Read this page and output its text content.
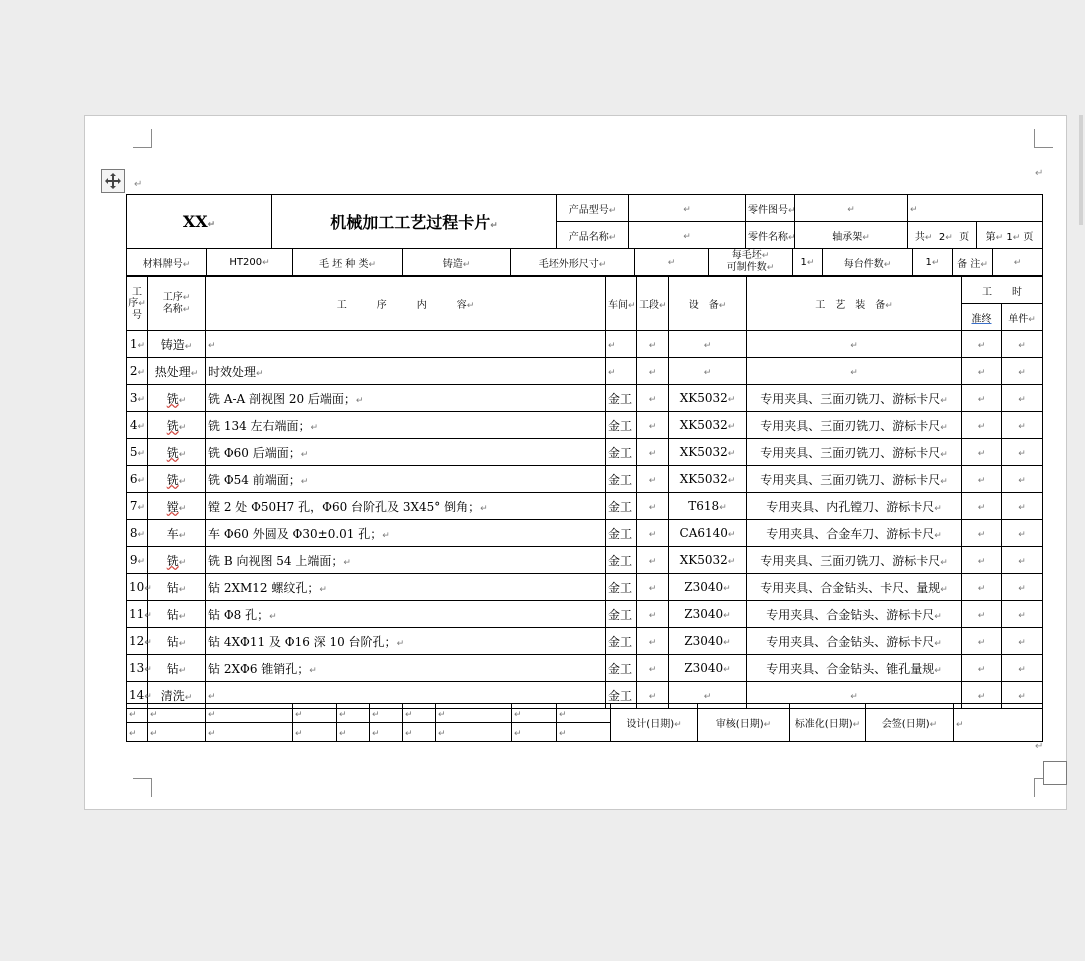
↵
↵
↵
XX↵	机械加工工艺过程卡片↵	产品型号↵	↵	零件图号↵	↵	↵	
		产品名称↵	↵	零件名称↵	轴承架↵	共↵ 2↵ 页	第↵ 1↵ 页
材料牌号↵	HT200↵	毛 坯 种 类↵	铸造↵	毛坯外形尺寸↵	↵	每毛坯↵
可制件数↵	1↵	每台件数↵	1↵	备 注↵	↵
工
序↵
号	工序↵
名称↵	工　　　序　　　内　　　容↵	车间↵	工段↵	设　备↵	工　艺　装　备↵	工　　时	
							准终	单件↵
1↵	铸造↵	↵	↵	↵	↵	↵	↵	↵
2↵	热处理↵	时效处理↵	↵	↵	↵	↵	↵	↵
3↵	铣↵	铣 A-A 剖视图 20 后端面；↵	金工	↵	XK5032↵	专用夹具、三面刃铣刀、游标卡尺↵	↵	↵
4↵	铣↵	铣 134 左右端面；↵	金工	↵	XK5032↵	专用夹具、三面刃铣刀、游标卡尺↵	↵	↵
5↵	铣↵	铣 Φ60 后端面；↵	金工	↵	XK5032↵	专用夹具、三面刃铣刀、游标卡尺↵	↵	↵
6↵	铣↵	铣 Φ54 前端面；↵	金工	↵	XK5032↵	专用夹具、三面刃铣刀、游标卡尺↵	↵	↵
7↵	镗↵	镗 2 处 Φ50H7 孔，Φ60 台阶孔及 3X45° 倒角；↵	金工	↵	T618↵	专用夹具、内孔镗刀、游标卡尺↵	↵	↵
8↵	车↵	车 Φ60 外圆及 Φ30±0.01 孔；↵	金工	↵	CA6140↵	专用夹具、合金车刀、游标卡尺↵	↵	↵
9↵	铣↵	铣 B 向视图 54 上端面；↵	金工	↵	XK5032↵	专用夹具、三面刃铣刀、游标卡尺↵	↵	↵
10↵	钻↵	钻 2XM12 螺纹孔；↵	金工	↵	Z3040↵	专用夹具、合金钻头、卡尺、量规↵	↵	↵
11↵	钻↵	钻 Φ8 孔；↵	金工	↵	Z3040↵	专用夹具、合金钻头、游标卡尺↵	↵	↵
12↵	钻↵	钻 4XΦ11 及 Φ16 深 10 台阶孔；↵	金工	↵	Z3040↵	专用夹具、合金钻头、游标卡尺↵	↵	↵
13↵	钻↵	钻 2XΦ6 锥销孔；↵	金工	↵	Z3040↵	专用夹具、合金钻头、锥孔量规↵	↵	↵
14↵	清洗↵	↵	金工	↵	↵	↵	↵	↵
↵	↵	↵	↵	↵	↵	↵	↵	↵	↵	设计(日期)↵	审核(日期)↵	标准化(日期)↵	会签(日期)↵	↵
↵	↵	↵	↵	↵	↵	↵	↵	↵	↵					
